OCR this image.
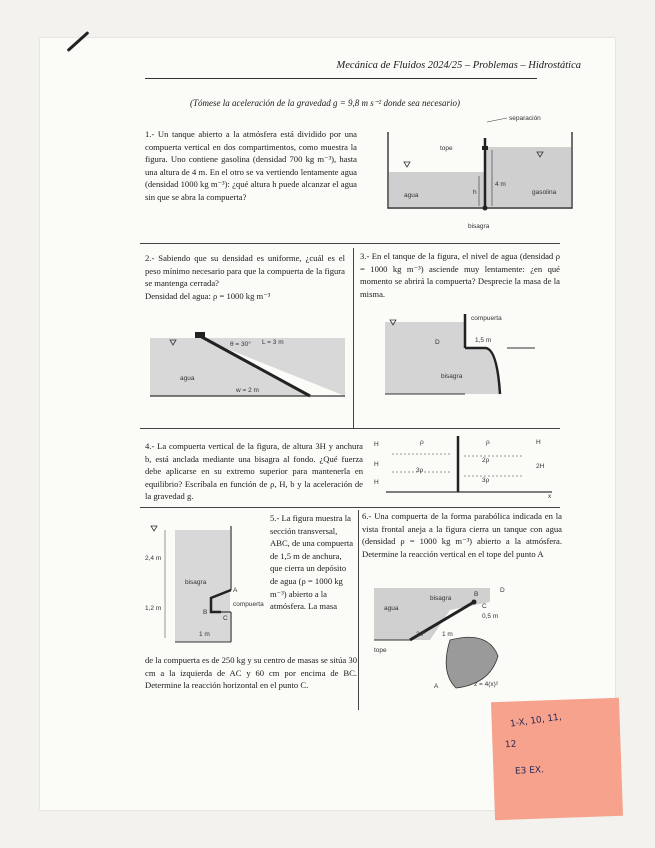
Mecánica de Fluidos 2024/25 – Problemas – Hidrostática
(Tómese la aceleración de la gravedad g = 9,8 m s⁻² donde sea necesario)
1.- Un tanque abierto a la atmósfera está dividido por una compuerta vertical en dos compartimentos, como muestra la figura. Uno contiene gasolina (densidad 700 kg m⁻³), hasta una altura de 4 m. En el otro se va vertiendo lentamente agua (densidad 1000 kg m⁻³): ¿qué altura h puede alcanzar el agua sin que se abra la compuerta?
separación
tope
agua	h
4 m
gasolina
bisagra
2.- Sabiendo que su densidad es uniforme, ¿cuál es el peso mínimo necesario para que la compuerta de la figura se mantenga cerrada?
Densidad del agua: ρ = 1000 kg m⁻³
L = 3 m
θ = 30°
agua
w = 2 m
3.- En el tanque de la figura, el nivel de agua (densidad ρ = 1000 kg m⁻³) asciende muy lentamente: ¿en qué momento se abrirá la compuerta? Desprecie la masa de la misma.
compuerta
D	1,5 m
bisagra
4.- La compuerta vertical de la figura, de altura 3H y anchura b, está anclada mediante una bisagra al fondo. ¿Qué fuerza debe aplicarse en su extremo superior para mantenerla en equilibrio? Escríbala en función de ρ, H, b y la aceleración de la gravedad g.
H
H
H
ρ
3ρ
ρ
2ρ
3ρ
H
2H
x
2,4 m
bisagra
compuerta
1,2 m
1 m
A
B
C
5.- La figura muestra la sección transversal, ABC, de una compuerta de 1,5 m de anchura, que cierra un depósito de agua (ρ = 1000 kg m⁻³) abierto a la atmósfera. La masa
de la compuerta es de 250 kg y su centro de masas se sitúa 30 cm a la izquierda de AC y 60 cm por encima de BC. Determine la reacción horizontal en el punto C.
6.- Una compuerta de la forma parabólica indicada en la vista frontal aneja a la figura cierra un tanque con agua (densidad ρ = 1000 kg m⁻³) abierto a la atmósfera. Determine la reacción vertical en el tope del punto A
agua
bisagra
B
C
D
0,5 m
30° 1 m
tope
A	z = 4(x)²
1-X, 10, 11,
12
E3 EX.
